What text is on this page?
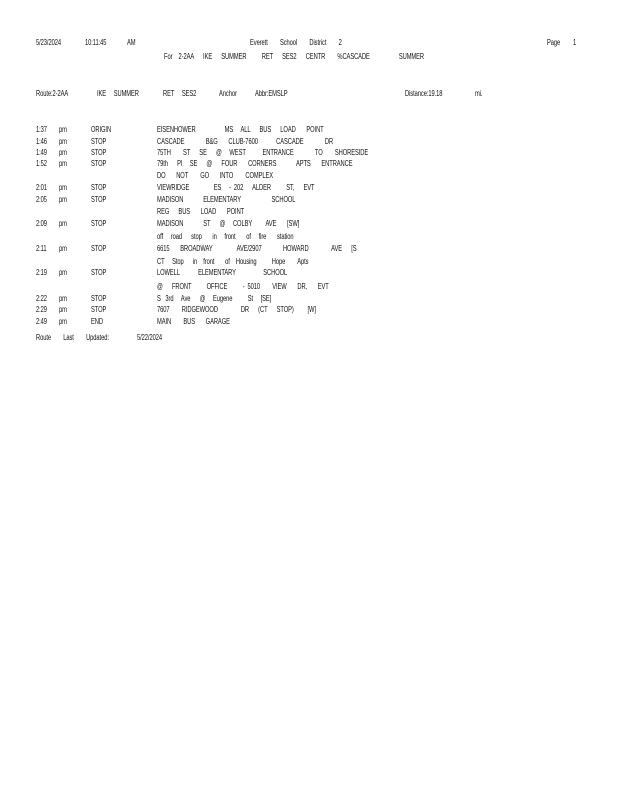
5/23/2024	10:11:45	AM	Everett        School        District        2	Page 1
For    2-2AA      IKE      SUMMER          RET      SES2      CENTR        %CASCADE                   SUMMER
Route:2-2AA	IKE     SUMMER	RET     SES2	Anchor Abbr:EMSLP	Distance:19.18	mi.
1:37 pm	ORIGIN	EISENHOWER                   MS     ALL      BUS      LOAD       POINT
1:46 pm	STOP	CASCADE              B&G       CLUB-7600            CASCADE              DR
1:49 pm	STOP	75TH        ST      SE      @     WEST           ENTRANCE              TO        SHORESIDE
1:52 pm	STOP	79th      Pl     SE      @      FOUR       CORNERS             APTS       ENTRANCE
DO       NOT        GO       INTO        COMPLEX
2:01 pm	STOP	VIEWRIDGE                ES     -  202      ALDER          ST,      EVT
2:05 pm	STOP	MADISON             ELEMENTARY                    SCHOOL
REG      BUS       LOAD       POINT
2:09 pm	STOP	MADISON             ST      @     COLBY         AVE       [SW]
off     road      stop       in     front       of     fire       station
2:11 pm	STOP	6615       BROADWAY                AVE/2907              HOWARD               AVE      [S
CT     Stop      in    front       of    Housing          Hope        Apts
2:19 pm	STOP	LOWELL            ELEMENTARY                  SCHOOL
@      FRONT          OFFICE          -  5010        VIEW       DR,       EVT
2:22 pm	STOP	S   3rd     Ave      @     Eugene          St     [SE]
2:29 pm	STOP	7607        RIDGEWOOD               DR      (CT      STOP)         [W]
2:49 pm	END	MAIN        BUS       GARAGE
Route        Last        Updated:	5/22/2024
